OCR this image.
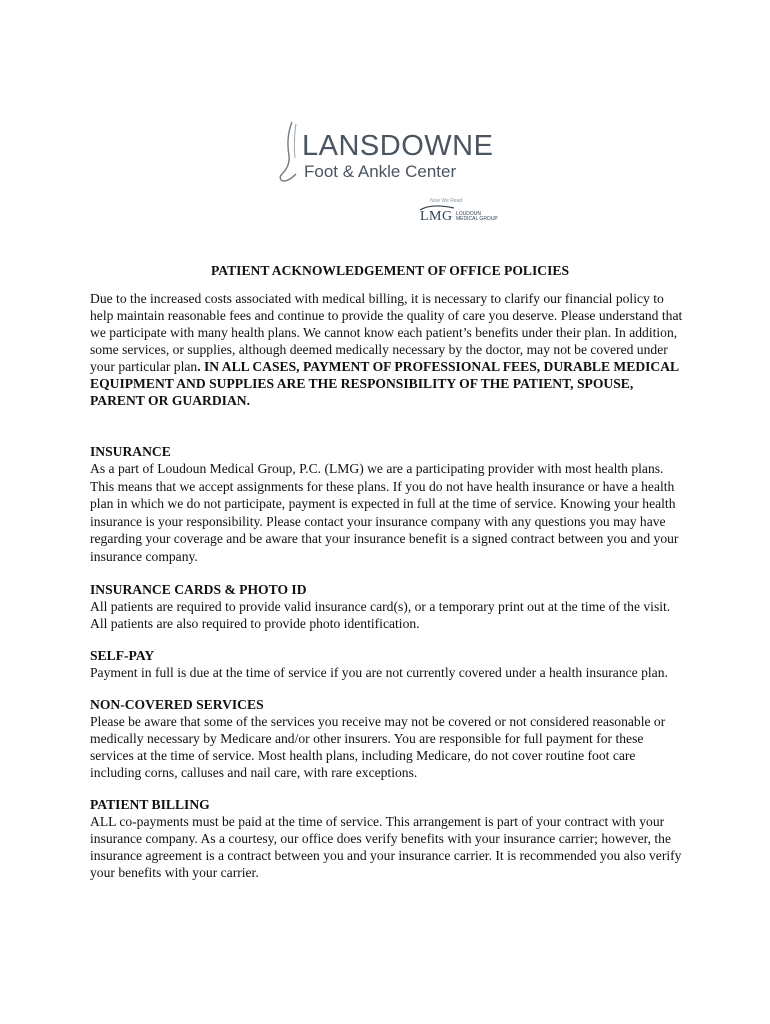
LANSDOWNE
Foot & Ankle Center
Now We Read
LMG LOUDOUN
MEDICAL GROUP
PATIENT ACKNOWLEDGEMENT OF OFFICE POLICIES

Due to the increased costs associated with medical billing, it is necessary to clarify our financial policy to help maintain reasonable fees and continue to provide the quality of care you deserve. Please understand that we participate with many health plans. We cannot know each patient’s benefits under their plan. In addition, some services, or supplies, although deemed medically necessary by the doctor, may not be covered under your particular plan. IN ALL CASES, PAYMENT OF PROFESSIONAL FEES, DURABLE MEDICAL EQUIPMENT AND SUPPLIES ARE THE RESPONSIBILITY OF THE PATIENT, SPOUSE, PARENT OR GUARDIAN.

INSURANCE

As a part of Loudoun Medical Group, P.C. (LMG) we are a participating provider with most health plans. This means that we accept assignments for these plans. If you do not have health insurance or have a health plan in which we do not participate, payment is expected in full at the time of service. Knowing your health insurance is your responsibility. Please contact your insurance company with any questions you may have regarding your coverage and be aware that your insurance benefit is a signed contract between you and your insurance company.

INSURANCE CARDS & PHOTO ID

All patients are required to provide valid insurance card(s), or a temporary print out at the time of the visit. All patients are also required to provide photo identification.

SELF-PAY

Payment in full is due at the time of service if you are not currently covered under a health insurance plan.

NON-COVERED SERVICES

Please be aware that some of the services you receive may not be covered or not considered reasonable or medically necessary by Medicare and/or other insurers. You are responsible for full payment for these services at the time of service. Most health plans, including Medicare, do not cover routine foot care including corns, calluses and nail care, with rare exceptions.

PATIENT BILLING

ALL co-payments must be paid at the time of service. This arrangement is part of your contract with your insurance company. As a courtesy, our office does verify benefits with your insurance carrier; however, the insurance agreement is a contract between you and your insurance carrier. It is recommended you also verify your benefits with your carrier.
